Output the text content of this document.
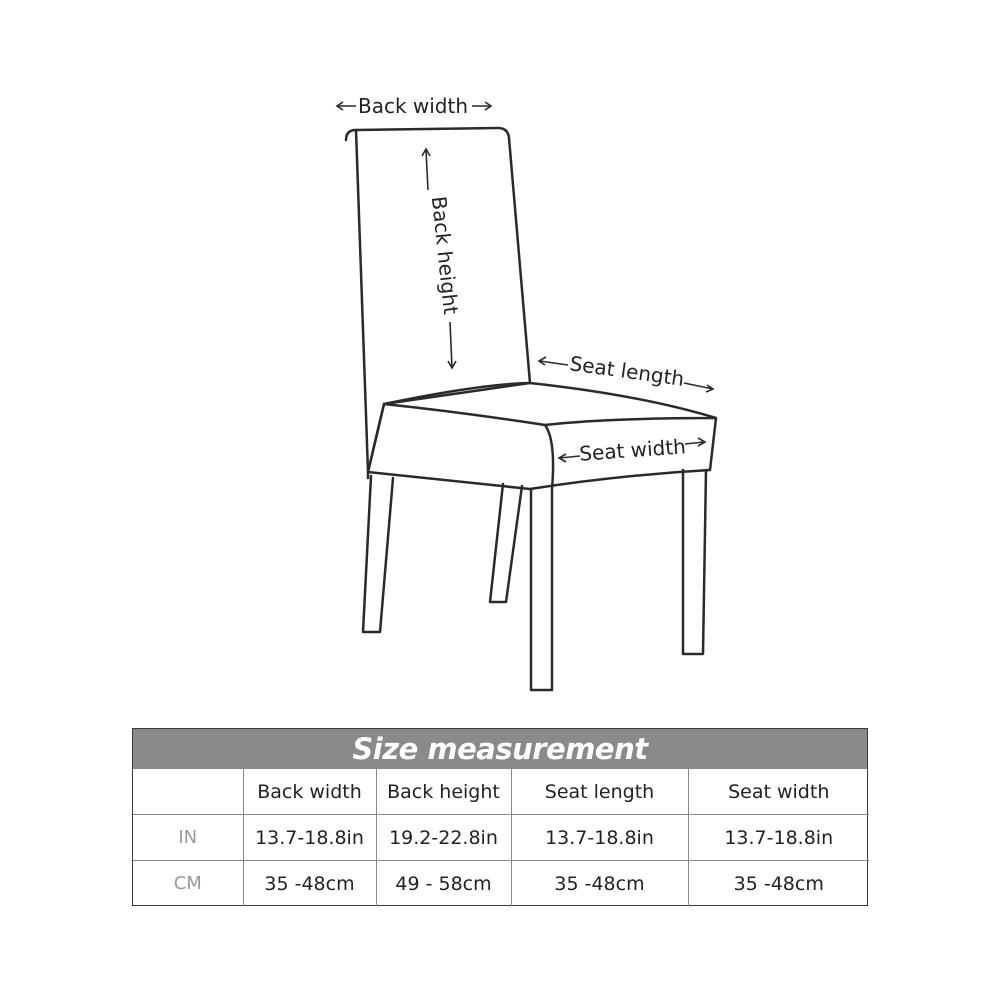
Back width
Back height
Seat length
Seat width
Size measurement
	Back width	Back height	Seat length	Seat width
IN	13.7-18.8in	19.2-22.8in	13.7-18.8in	13.7-18.8in
CM	35 -48cm	49 - 58cm	35 -48cm	35 -48cm
